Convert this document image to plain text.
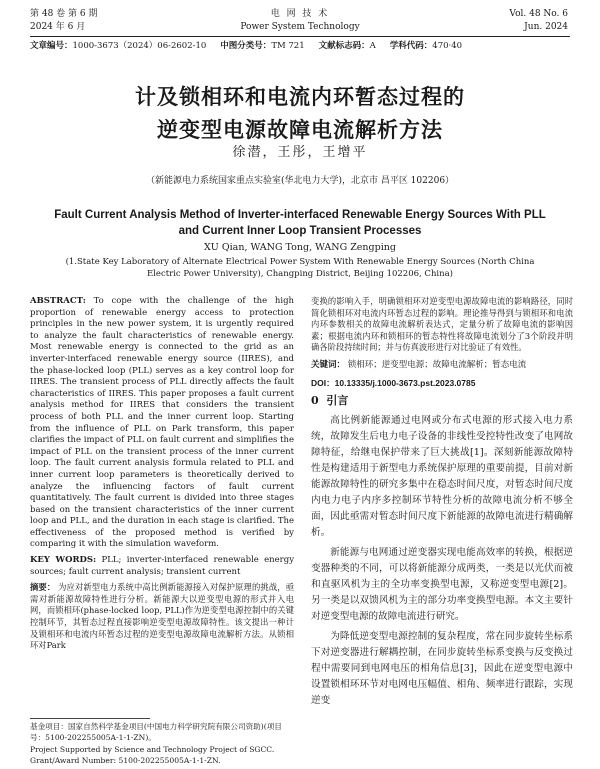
第 48 卷 第 6 期
2024 年 6 月
电 网 技 术
Power System Technology
Vol. 48 No. 6
Jun. 2024
文章编号：1000-3673（2024）06-2602-10 中图分类号：TM 721 文献标志码：A 学科代码：470·40
计及锁相环和电流内环暂态过程的
逆变型电源故障电流解析方法
徐潜，王彤，王增平
（新能源电力系统国家重点实验室(华北电力大学)，北京市 昌平区 102206）
Fault Current Analysis Method of Inverter-interfaced Renewable Energy Sources With PLL
and Current Inner Loop Transient Processes
XU Qian, WANG Tong, WANG Zengping
(1.State Key Laboratory of Alternate Electrical Power System With Renewable Energy Sources (North China Electric Power University), Changping District, Beijing 102206, China)

ABSTRACT: To cope with the challenge of the high proportion of renewable energy access to protection principles in the new power system, it is urgently required to analyze the fault characteristics of renewable energy. Most renewable energy is connected to the grid as an inverter-interfaced renewable energy source (IIRES), and the phase-locked loop (PLL) serves as a key control loop for IIRES. The transient process of PLL directly affects the fault characteristics of IIRES. This paper proposes a fault current analysis method for IIRES that considers the transient process of both PLL and the inner current loop. Starting from the influence of PLL on Park transform, this paper clarifies the impact of PLL on fault current and simplifies the impact of PLL on the transient process of the inner current loop. The fault current analysis formula related to PLL and inner current loop parameters is theoretically derived to analyze the influencing factors of fault current quantitatively. The fault current is divided into three stages based on the transient characteristics of the inner current loop and PLL, and the duration in each stage is clarified. The effectiveness of the proposed method is verified by comparing it with the simulation waveform.

KEY WORDS: PLL; inverter-interfaced renewable energy sources; fault current analysis; transient current

摘要： 为应对新型电力系统中高比例新能源接入对保护原理的挑战，亟需对新能源故障特性进行分析。新能源大以逆变型电源的形式并入电网，而锁相环(phase-locked loop, PLL)作为逆变型电源控制中的关键控制环节，其暂态过程直接影响逆变型电源故障特性。该文提出一种计及锁相环和电流内环暂态过程的逆变型电源故障电流解析方法。从锁相环对Park

变换的影响入手，明确锁相环对逆变型电源故障电流的影响路径，同时简化锁相环对电流内环暂态过程的影响。理论推导得到与锁相环和电流内环参数相关的故障电流解析表达式，定量分析了故障电流的影响因素；根据电流内环和锁相环的暂态特性将故障电流划分了3个阶段并明确各阶段持续时间；并与仿真波形进行对比验证了有效性。

关键词： 锁相环；逆变型电源；故障电流解析；暂态电流

DOI：10.13335/j.1000-3673.pst.2023.0785

0 引言

高比例新能源通过电网或分布式电源的形式接入电力系统，故障发生后电力电子设备的非线性受控特性改变了电网故障特征，给继电保护带来了巨大挑战[1]。深刻新能源故障特性是构建适用于新型电力系统保护原理的重要前提，目前对新能源故障特性的研究多集中在稳态时间尺度，对暂态时间尺度内电力电子内序多控制环节特性分析的故障电流分析不够全面，因此亟需对暂态时间尺度下新能源的故障电流进行精确解析。

新能源与电网通过逆变器实现电能高效率的转换，根据逆变器种类的不同，可以将新能源分成两类，一类是以光伏而被和直驱风机为主的全功率变换型电源，又称逆变型电源[2]。另一类是以双馈风机为主的部分功率变换型电源。本文主要针对逆变型电源的故障电流进行研究。

为降低逆变型电源控制的复杂程度，常在同步旋转坐标系下对逆变器进行解耦控制，在同步旋转坐标系变换与反变换过程中需要同到电网电压的相角信息[3]，因此在逆变型电源中设置锁相环环节对电网电压幅值、相角、频率进行跟踪，实现逆变

基金项目：国家自然科学基金项目(中国电力科学研究院有限公司资助)(项目号：5100-202255005A-1-1-ZN)。

Project Supported by Science and Technology Project of SGCC. Grant/Award Number: 5100-202255005A-1-1-ZN.
